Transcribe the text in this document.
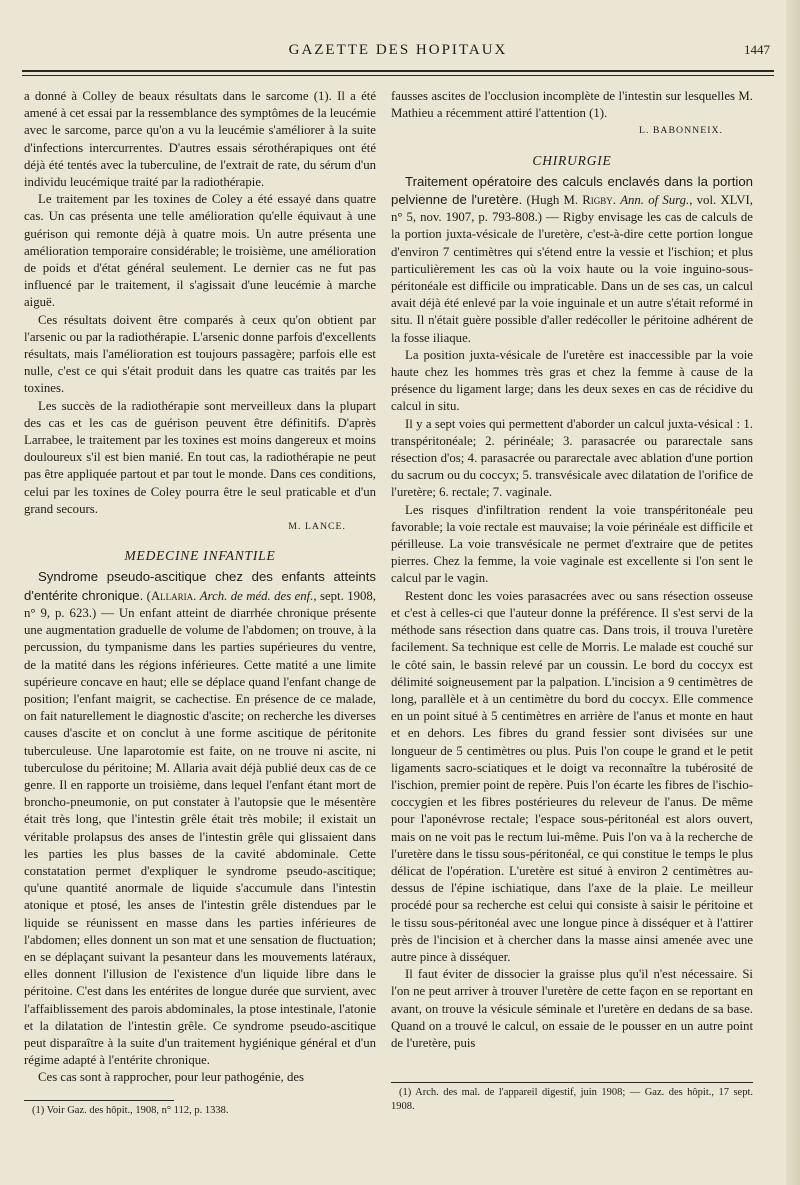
GAZETTE DES HOPITAUX	1447

a donné à Colley de beaux résultats dans le sarcome (1). Il a été amené à cet essai par la ressemblance des symptômes de la leucémie avec le sarcome, parce qu'on a vu la leucémie s'améliorer à la suite d'infections intercurrentes. D'autres essais sérothérapiques ont été déjà été tentés avec la tuberculine, de l'extrait de rate, du sérum d'un individu leucémique traité par la radiothérapie.

Le traitement par les toxines de Coley a été essayé dans quatre cas. Un cas présenta une telle amélioration qu'elle équivaut à une guérison qui remonte déjà à quatre mois. Un autre présenta une amélioration temporaire considérable; le troisième, une amélioration de poids et d'état général seulement. Le dernier cas ne fut pas influencé par le traitement, il s'agissait d'une leucémie à marche aiguë.

Ces résultats doivent être comparés à ceux qu'on obtient par l'arsenic ou par la radiothérapie. L'arsenic donne parfois d'excellents résultats, mais l'amélioration est toujours passagère; parfois elle est nulle, c'est ce qui s'était produit dans les quatre cas traités par les toxines.

Les succès de la radiothérapie sont merveilleux dans la plupart des cas et les cas de guérison peuvent être définitifs. D'après Larrabee, le traitement par les toxines est moins dangereux et moins douloureux s'il est bien manié. En tout cas, la radiothérapie ne peut pas être appliquée partout et par tout le monde. Dans ces conditions, celui par les toxines de Coley pourra être le seul praticable et d'un grand secours.

M. LANCE.

MEDECINE INFANTILE

Syndrome pseudo-ascitique chez des enfants atteints d'entérite chronique. (Allaria. Arch. de méd. des enf., sept. 1908, n° 9, p. 623.) — Un enfant atteint de diarrhée chronique présente une augmentation graduelle de volume de l'abdomen; on trouve, à la percussion, du tympanisme dans les parties supérieures du ventre, de la matité dans les régions inférieures. Cette matité a une limite supérieure concave en haut; elle se déplace quand l'enfant change de position; l'enfant maigrit, se cachectise. En présence de ce malade, on fait naturellement le diagnostic d'ascite; on recherche les diverses causes d'ascite et on conclut à une forme ascitique de péritonite tuberculeuse. Une laparotomie est faite, on ne trouve ni ascite, ni tuberculose du péritoine; M. Allaria avait déjà publié deux cas de ce genre. Il en rapporte un troisième, dans lequel l'enfant étant mort de broncho-pneumonie, on put constater à l'autopsie que le mésentère était très long, que l'intestin grêle était très mobile; il existait un véritable prolapsus des anses de l'intestin grêle qui glissaient dans les parties les plus basses de la cavité abdominale. Cette constatation permet d'expliquer le syndrome pseudo-ascitique; qu'une quantité anormale de liquide s'accumule dans l'intestin atonique et ptosé, les anses de l'intestin grêle distendues par le liquide se réunissent en masse dans les parties inférieures de l'abdomen; elles donnent un son mat et une sensation de fluctuation; en se déplaçant suivant la pesanteur dans les mouvements latéraux, elles donnent l'illusion de l'existence d'un liquide libre dans le péritoine. C'est dans les entérites de longue durée que survient, avec l'affaiblissement des parois abdominales, la ptose intestinale, l'atonie et la dilatation de l'intestin grêle. Ce syndrome pseudo-ascitique peut disparaître à la suite d'un traitement hygiénique général et d'un régime adapté à l'entérite chronique.

Ces cas sont à rapprocher, pour leur pathogénie, des

(1) Voir Gaz. des hôpit., 1908, n° 112, p. 1338.

fausses ascites de l'occlusion incomplète de l'intestin sur lesquelles M. Mathieu a récemment attiré l'attention (1).

L. BABONNEIX.

CHIRURGIE

Traitement opératoire des calculs enclavés dans la portion pelvienne de l'uretère. (Hugh M. Rigby. Ann. of Surg., vol. XLVI, n° 5, nov. 1907, p. 793-808.) — Rigby envisage les cas de calculs de la portion juxta-vésicale de l'uretère, c'est-à-dire cette portion longue d'environ 7 centimètres qui s'étend entre la vessie et l'ischion; et plus particulièrement les cas où la voix haute ou la voie inguino-sous-péritonéale est difficile ou impraticable. Dans un de ses cas, un calcul avait déjà été enlevé par la voie inguinale et un autre s'était reformé in situ. Il n'était guère possible d'aller redécoller le péritoine adhérent de la fosse iliaque.

La position juxta-vésicale de l'uretère est inaccessible par la voie haute chez les hommes très gras et chez la femme à cause de la présence du ligament large; dans les deux sexes en cas de récidive du calcul in situ.

Il y a sept voies qui permettent d'aborder un calcul juxta-vésical : 1. transpéritonéale; 2. périnéale; 3. parasacrée ou pararectale sans résection d'os; 4. parasacrée ou pararectale avec ablation d'une portion du sacrum ou du coccyx; 5. transvésicale avec dilatation de l'orifice de l'uretère; 6. rectale; 7. vaginale.

Les risques d'infiltration rendent la voie transpéritonéale peu favorable; la voie rectale est mauvaise; la voie périnéale est difficile et périlleuse. La voie transvésicale ne permet d'extraire que de petites pierres. Chez la femme, la voie vaginale est excellente si l'on sent le calcul par le vagin.

Restent donc les voies parasacrées avec ou sans résection osseuse et c'est à celles-ci que l'auteur donne la préférence. Il s'est servi de la méthode sans résection dans quatre cas. Dans trois, il trouva l'uretère facilement. Sa technique est celle de Morris. Le malade est couché sur le côté sain, le bassin relevé par un coussin. Le bord du coccyx est délimité soigneusement par la palpation. L'incision a 9 centimètres de long, parallèle et à un centimètre du bord du coccyx. Elle commence en un point situé à 5 centimètres en arrière de l'anus et monte en haut et en dehors. Les fibres du grand fessier sont divisées sur une longueur de 5 centimètres ou plus. Puis l'on coupe le grand et le petit ligaments sacro-sciatiques et le doigt va reconnaître la tubérosité de l'ischion, premier point de repère. Puis l'on écarte les fibres de l'ischio-coccygien et les fibres postérieures du releveur de l'anus. De même pour l'aponévrose rectale; l'espace sous-péritonéal est alors ouvert, mais on ne voit pas le rectum lui-même. Puis l'on va à la recherche de l'uretère dans le tissu sous-péritonéal, ce qui constitue le temps le plus délicat de l'opération. L'uretère est situé à environ 2 centimètres au-dessus de l'épine ischiatique, dans l'axe de la plaie. Le meilleur procédé pour sa recherche est celui qui consiste à saisir le péritoine et le tissu sous-péritonéal avec une longue pince à disséquer et à l'attirer près de l'incision et à chercher dans la masse ainsi amenée avec une autre pince à disséquer.

Il faut éviter de dissocier la graisse plus qu'il n'est nécessaire. Si l'on ne peut arriver à trouver l'uretère de cette façon en se reportant en avant, on trouve la vésicule séminale et l'uretère en dedans de sa base. Quand on a trouvé le calcul, on essaie de le pousser en un autre point de l'uretère, puis

(1) Arch. des mal. de l'appareil digestif, juin 1908; — Gaz. des hôpit., 17 sept. 1908.
